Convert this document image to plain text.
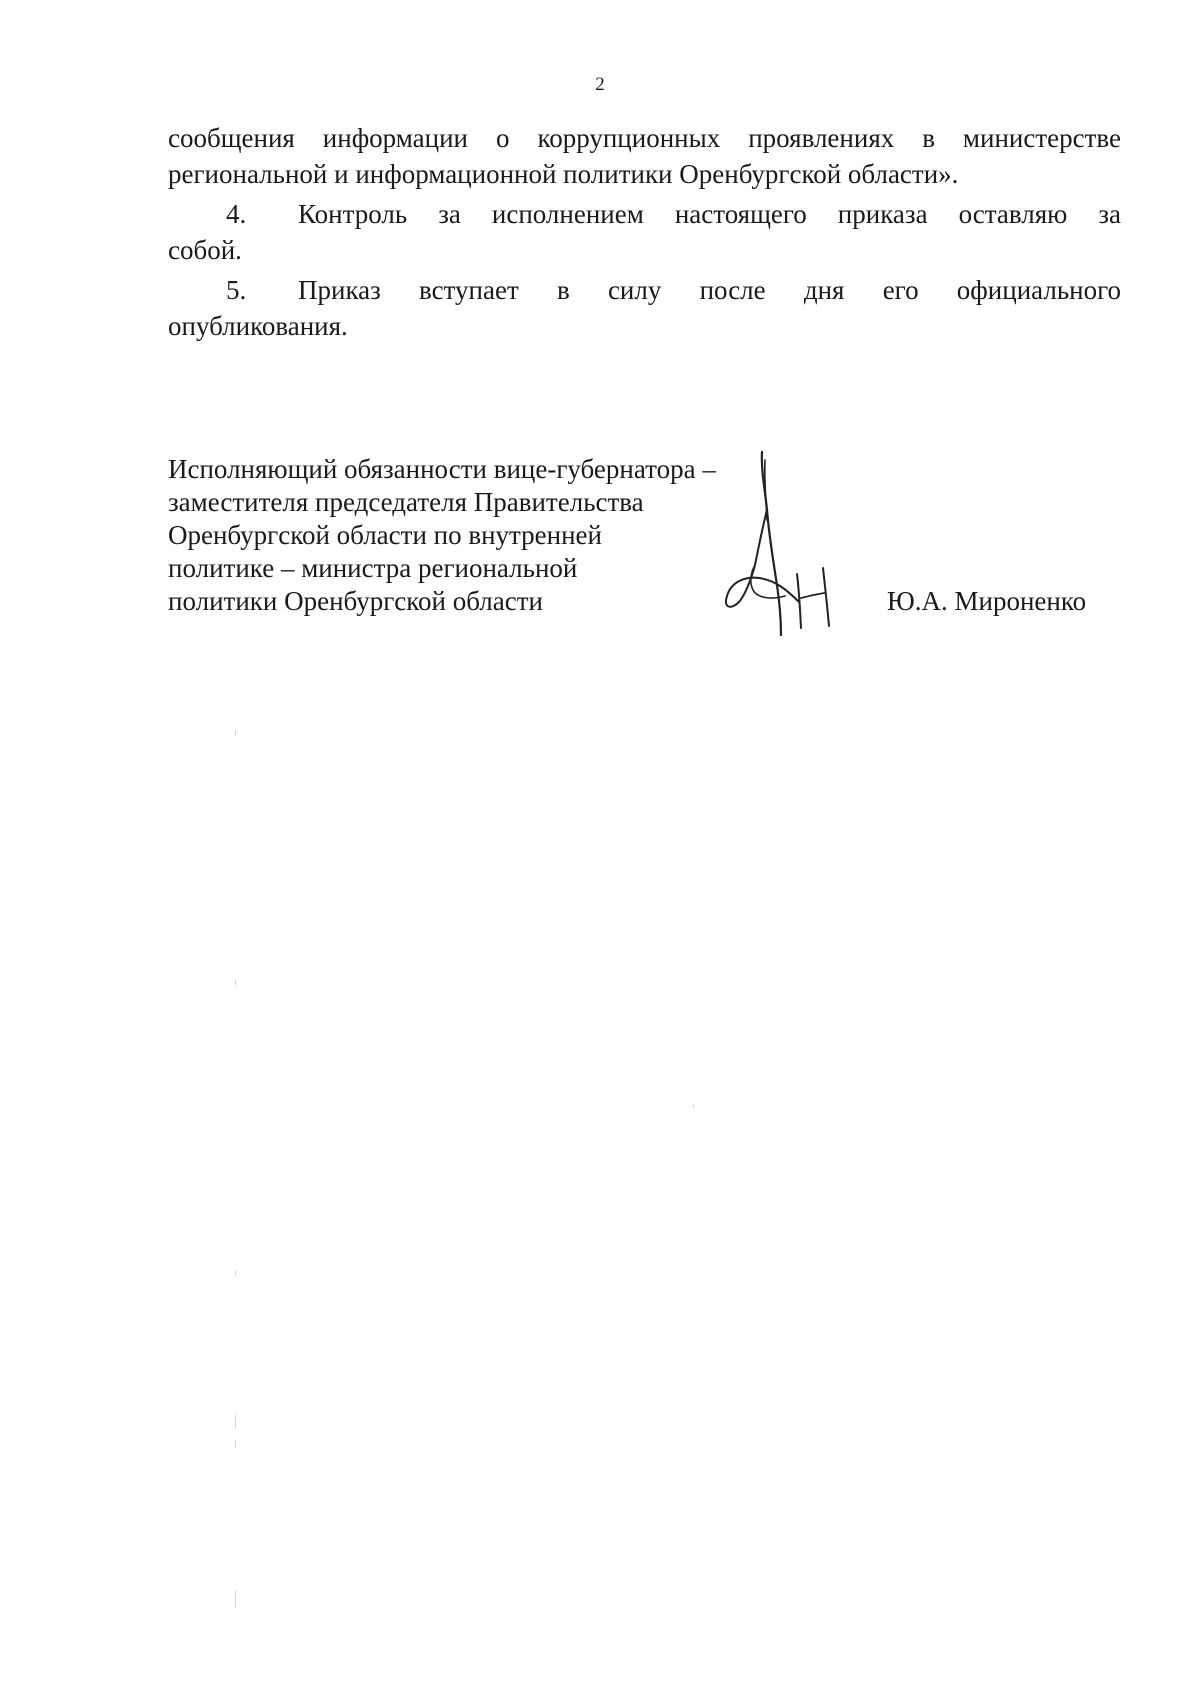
2

сообщения информации о коррупционных проявлениях в министерстве региональной и информационной политики Оренбургской области».

4. Контроль за исполнением настоящего приказа оставляю за
собой.
5. Приказ вступает в силу после дня его официального
опубликования.
Исполняющий обязанности вице-губернатора –
заместителя председателя Правительства
Оренбургской области по внутренней
политике – министра региональной
политики Оренбургской области	Ю.А. Мироненко
